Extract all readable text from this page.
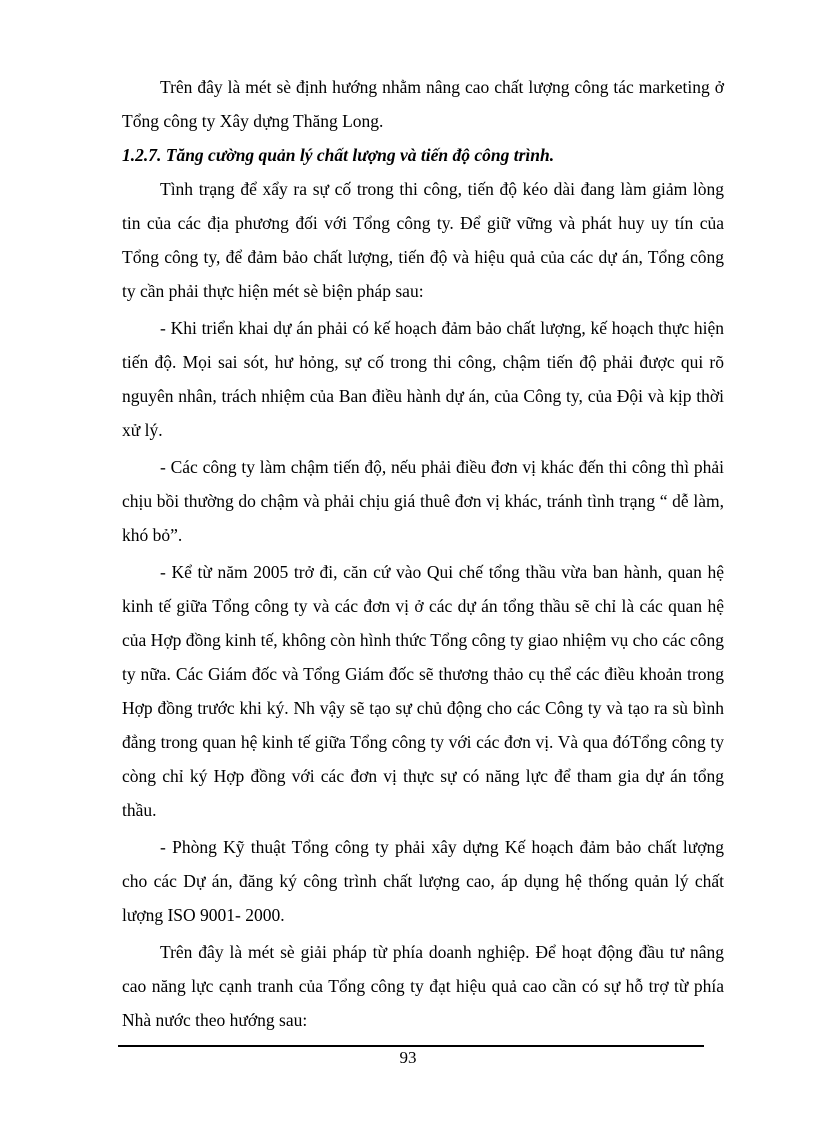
Trên đây là mét sè định hướng nhằm nâng cao chất lượng công tác marketing ở Tổng công ty Xây dựng Thăng Long.

1.2.7. Tăng cường quản lý chất lượng và tiến độ công trình.

Tình trạng để xẩy ra sự cố trong thi công, tiến độ kéo dài đang làm giảm lòng tin của các địa phương đối với Tổng công ty. Để giữ vững và phát huy uy tín của Tổng công ty, để đảm bảo chất lượng, tiến độ và hiệu quả của các dự án, Tổng công ty cần phải thực hiện mét sè biện pháp sau:

- Khi triển khai dự án phải có kế hoạch đảm bảo chất lượng, kế hoạch thực hiện tiến độ. Mọi sai sót, hư hỏng, sự cố trong thi công, chậm tiến độ phải được qui rõ nguyên nhân, trách nhiệm của Ban điều hành dự án, của Công ty, của Đội và kịp thời xử lý.

- Các công ty làm chậm tiến độ, nếu phải điều đơn vị khác đến thi công thì phải chịu bồi thường do chậm và phải chịu giá thuê đơn vị khác, tránh tình trạng “ dễ làm, khó bỏ”.

- Kể từ năm 2005 trở đi, căn cứ vào Qui chế tổng thầu vừa ban hành, quan hệ kinh tế giữa Tổng công ty và các đơn vị ở các dự án tổng thầu sẽ chỉ là các quan hệ của Hợp đồng kinh tế, không còn hình thức Tổng công ty giao nhiệm vụ cho các công ty nữa. Các Giám đốc và Tổng Giám đốc sẽ thương thảo cụ thể các điều khoản trong Hợp đồng trước khi ký. Nh vậy sẽ tạo sự chủ động cho các Công ty và tạo ra sù bình đẳng trong quan hệ kinh tế giữa Tổng công ty với các đơn vị. Và qua đóTổng công ty còng chỉ ký Hợp đồng với các đơn vị thực sự có năng lực để tham gia dự án tổng thầu.

- Phòng Kỹ thuật Tổng công ty phải xây dựng Kế hoạch đảm bảo chất lượng cho các Dự án, đăng ký công trình chất lượng cao, áp dụng hệ thống quản lý chất lượng ISO 9001- 2000.

Trên đây là mét sè giải pháp từ phía doanh nghiệp. Để hoạt động đầu tư nâng cao năng lực cạnh tranh của Tổng công ty đạt hiệu quả cao cần có sự hỗ trợ từ phía Nhà nước theo hướng sau:

93
